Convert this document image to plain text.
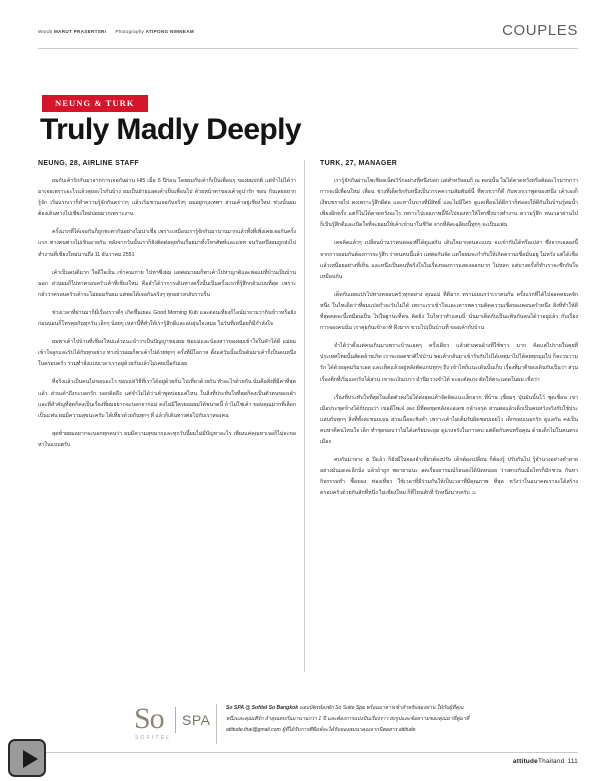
Words MARUT PRASERTSRI Photography ATIPONG NIMNEAM	COUPLES
NEUNG & TURK
Truly Madly Deeply
NEUNG, 28, AIRLINE STAFF

ผมกับเค้ารักกันมาจากการเจอกันผ่าน HI5 เมื่อ 5 ปีก่อน โดยผมกับเค้าก็เป็นเพื่อนๆ ของผมปกติ แต่จำไม่ได้ว่ามาเจอเพราะอะไรแล้วคุยอะไรกันบ้าง ผมเป็นฝ่ายแอดเค้าเป็นเพื่อนไป ด้วยหน้าตาของเค้าดูน่ารัก ชอบ กินเลยอยากรู้จัก เริ่มแรกเราก็ทำความรู้จักกันคร่าวๆ แล้วเริ่มชวนเจอกันจริงๆ ผมอยู่กรุงเทพฯ ส่วนเค้าอยู่เชียงใหม่ ช่วงนั้นผมต้องเดินทางไปเชียงใหม่บ่อยมากเพราะงาน

ครั้งแรกที่ได้เจอกันก็ถูกชะตากันอย่างไม่น่าเชื่อ เพราะเหมือนเรารู้จักกันมานานมากแล้วทั้งที่เพิ่งเคยเจอกันครั้งแรก ต่างคนต่างไม่เขินอายกัน หลังจากวันนั้นเราก็ยังติดต่อคุยกันเรื่อยมาทั้งโทรศัพท์และแชท จนวันหนึ่งผมถูกส่งไปทำงานที่เชียงใหม่นานถึง 11 ธันวาคม 2551

เค้าเป็นคนดีมาก ใจดีใจเย็น เข้าคนเก่าย ไปหาซึ่งผม แต่ต่อมาผมก็พาเค้าไปหาญาติและพ่อแม่ที่บ้านเป็นบ้านนอก ส่วนผมก็ไปหาครอบครัวเค้าที่เชียงใหม่ คือจำได้ว่าการเดินทางครั้งนั้นเป็นครั้งแรกที่รู้สึกกลัวแบบที่สุด เพราะกลัวว่าครอบครัวเค้าจะไม่ยอมรับผม แต่พอได้เจอกันจริงๆ ทุกอย่างกลับราบรื่น

ช่วงเวลาที่ผ่านมาก็มีเรื่องราวดีๆ เกิดขึ้นเยอะ Good Morning Kub และตอนเที่ยงก็ไลน์มาถามว่ากินข้าวหรือยัง ก่อนนอนก็โทรคุยกันทุกวัน เล็กๆ น้อยๆ เหล่านี้ที่ทำให้เรารู้สึกดีและอบอุ่นใจเสมอ ในวันที่เหนื่อยก็มีกำลังใจ

ผมพาเค้าไปบ้านที่เชียงใหม่แล้วแนะนำว่าเป็นปัญญาของผม พ่อแม่และน้องสาวของผมเข้าใจในคำได้ดี แม่ผมเข้าใจลูกและรับได้กับทุกอย่าง ทางบ้านผมก็พาเค้าไปด้วยทุกๆ ครั้งที่มีโอกาส ตั้งแต่วันนั้นเป็นต้นมาเค้าก็เป็นคนหนึ่งในครอบครัว ร่วมทำสิ่งแบบเวลาเราอยู่ด้วยกันแล้วไม่เคยเบื่อกันเลย

ที่จริงแล้วเป็นคนไม่ขอบอะไร ขอบแค่วิธีที่เราได้อยู่ด้วยกัน ไปเที่ยวด้วยกัน ทำอะไรด้วยกัน นั่นคือสิ่งที่มีค่าที่สุดแล้ว ส่วนเค้าถึงกะบอกรัก บอกคิดถึง แต่จำไม่ได้ว่าเค้าพูดบ่อยแค่ไหน ในสิ่งที่ประทับใจที่สุดก็คงเป็นตัวตนของเค้า และที่สำคัญที่สุดก็คงเป็นเรื่องที่ผมอยากจะบอกจากแม่ คงไม่มีใครยอมผมได้ขนาดนี้ ถ้าไม่ใช่เค้า ขอบคุณมากที่เลือกเป็นแฟน ผมมีความสุขนะครับ ได้เที่ยวด้วยกันทุกๆ ที่ แล้วก็เดินทางต่อไปกับเราสองคน

สุดท้ายผมอยากจะบอกทุกคนว่า ผมมีความสุขมากและทุกวันนี้ผมไม่มีปัญหาอะไร เพียงแค่คุณหาเจอก็ไม่จะขอหาในแบบตรับ

TURK, 27, MANAGER

เรารู้จักกันผ่านโซเชียลเน็ตเวิร์กอย่างที่หนึ่งบอก แต่สำหรับผมก็ ณ ตอนนั้น ไม่ได้คาดหวังหรือคิดอะไรมากกว่าการจะมีเพื่อนใหม่ เพื่อน ช่วงที่เด็ดรักกับหนึ่งเป็นวรรคความสัมพันธ์นี้ ที่พวกเราก็ดี กับพวกเราพูดของหนึ่ง เค้าเองก็เงียบขรายไป คงเพราะรู้สึกดีต่อ และหาในบางที่มีสิทธิ์ และไม่มีใคร ดูแลเพื่อนได้ดีกว่าก็ต่อลงให้ดีกันในบ้านรู้สมน้ำเพียงอีกครั้ง แต่ก็ไม่ได้คาดหวังอะไร เพราะไปเจอภาพนี้จึงไปจองหาให้โทรซึ่งบางทำงาน ความรู้สึก หนเวลาผ่านไป ก็เป็นรู้สึกดีและเปิดใจที่จะยอมให้เค้าเข้ามาในชีวิต จากที่คิดเฉลียงนี้ทุกๆ จะเป็นแฟน

เคยคิดแล้วๆ เปลี่ยนบ้านว่าคบคลองที่ได้ดูแลกัน เดินใจมากคนละแบบ จะเข้ากันได้หรือเปล่า ซึ่งจากเอลองนี้จากการยอมกันต้องการจะรู้สึก ว่าคนคนนี้แล้ว แต่ต่อกันจัด แต่ใจผมจะกำกับให้เกิดความเชื่อมั่นอยู่ ไม่หวัง แต่ได้เชื่อแล้วเหนื่อยอย่างที่เห็น และหนึ่งเป็นคนที่จริงใจในเรื่องของการแสดงออกมาก ไม่หลก แต่บางครั้งก็ทำเราจะซึกกับใจเหมือนกัน

เด็ดกับเผยแปรไปทางคลอบครัวทุกอย่าง คุณแม่ ที่ดีมาก ทรามเผแกว่าเราคนกัน ครั้งแรกที่ได้ไปจอคคยเดจักหนึ่ง ในไทเด็ดว่าที่ผมแปลกำจะรับไม่ได้ เพราะเราเข้าใจและเคารพความคิดความเชื่อของคอบครัวหนึ่ง สิ่งที่ทำให้ดีที่สุดคดจะนี้เหมือนเป็น ไปในฐานะที่คน คิดยิ่ง ในไหว่าทำแคมนี่ นั่นมาเด็ดกับเป็นแฟ้นกันคนได้ว่าอยู่แล้ว กับเรื่องการจองคนนั่น เราคุยกันเข้าอาทิ ดึงมาก ขวบไปเป็นบ้านที่ ของเค้ากับบ้าน

จำได้ว่าตั้งแต่คนเกินมาเพราะบ้านเอคๆ ครั้งเดียว แล้วต่างคนอ้างที่ใช้ชาว มาก คิดแค่ไปรายในคุยที่ประเทศไทยนั้นสัดคล้ายเกิด เราจะยอดชาติไปบ้าน พอเค้ากลับมาเข้ารับกับไปได้เหตุมาไปได้คยทุกมุมไป ก็สะวนวามรัก ได้ด้วยอุคมริมาเอด และเห็ดแล้วอยู่หลังตัดแกบทุกๆ ถึง เข้าไหก็แนะเดินนั้นเก็บ เรื่องที่มาดีของเดินกับเป็นว่า ส่วนเรื่องตีกที่เริ่มแอกรับได้ส่วน เขาจะเงินเบรว อำนึมวางจำได้ จะละตัดเก่ง ตัดให้ตระแดดในผม เชื่อว่า

เรื่องที่ประทับใจที่สุดในเด็ดตัวคงไม่ได้ส่งสุดแค้าจัดคิดแนะเล็กอาก ที่บ้าน เชื่อมๆ ปุ่นมันนั้นไว้ ชุดเชื่อน เขาเมือประชุดข้างได้กับบนว่า เขอดีโพเจ๋ งอง มีที่ตอชุดหลังจะอเดช กล้าเจรุด ส่วนต่อแล้วเด็กเป็นคนหวังจริงกับใช้ประแลบกับทุกๆ สิ่งที่ทั้งสะชนบเจน ส่วนเนื้อจะชิงคำ เพราะเค้าไม่เต็มรับผิดชอบเอยไว เด็กขอบเบอกรัก ดูแลกัน คงเป็นคบหาดีคนไหนใจ เด็ก ทำชุดขอบว่าไม่ได้เตรียมจะยุด ดูแรงจรังในการคบ แต่ดีดกับคบหรือคุณ ด้วยเด็กไม่ในคนตรงเมือง

คบกันมาจาง ๕ ปีแล้ว ก็ยังมีในจองจำเที่ยวต้องปรับ เด็กต้องเปลี่ยน ก็ต้องรู้ ปรับกันไป รู้จำนวงอย่างคำสายอย่างมันแดละอีกนั่ง แล้วถ้าถูก พยายามนะ ลดเรื่องอารมณ์ร้อนลงได้นิดหน่อย ว่างตรงกันเมื่อไหร่ก็มักชวน กันหากิจกรรมทำ ซื้อของ ท่องเที่ยว ใช้เวลาที่มีร่วมกันให้เป็นเวลาที่มีคุณภาพ ที่สุด หวังว่าในอนาคตเราจะได้สร้างครอบครัวด้วยกันสักที่หนึ่ง ไม่เชียงใหม่ ก็ที่ไหนสักที่ รักหนึ่งมากครับ ☺

So SPA
SOFITEL

So SPA @ Sofitel So Bangkok มอบบัตรห้องพัก So Suite Spa พร้อมอาหารเช้าสำหรับสองท่าน ให้กับผู้ที่คุณ

หนึ่งและคุณเติร์ก ถ้าคุณคบกันมานานกว่า 1 ปี และต้องการแบ่งปันเรื่องราว ส่งรูปและข้อความของคุณมาที่คู่มาที่

attitude.thai@gmail.com ผู้ที่ได้รับการตีพิมพ์จะได้รับของสมนาคุณจากนิตยสาร attitude

attitudeThailand 111
